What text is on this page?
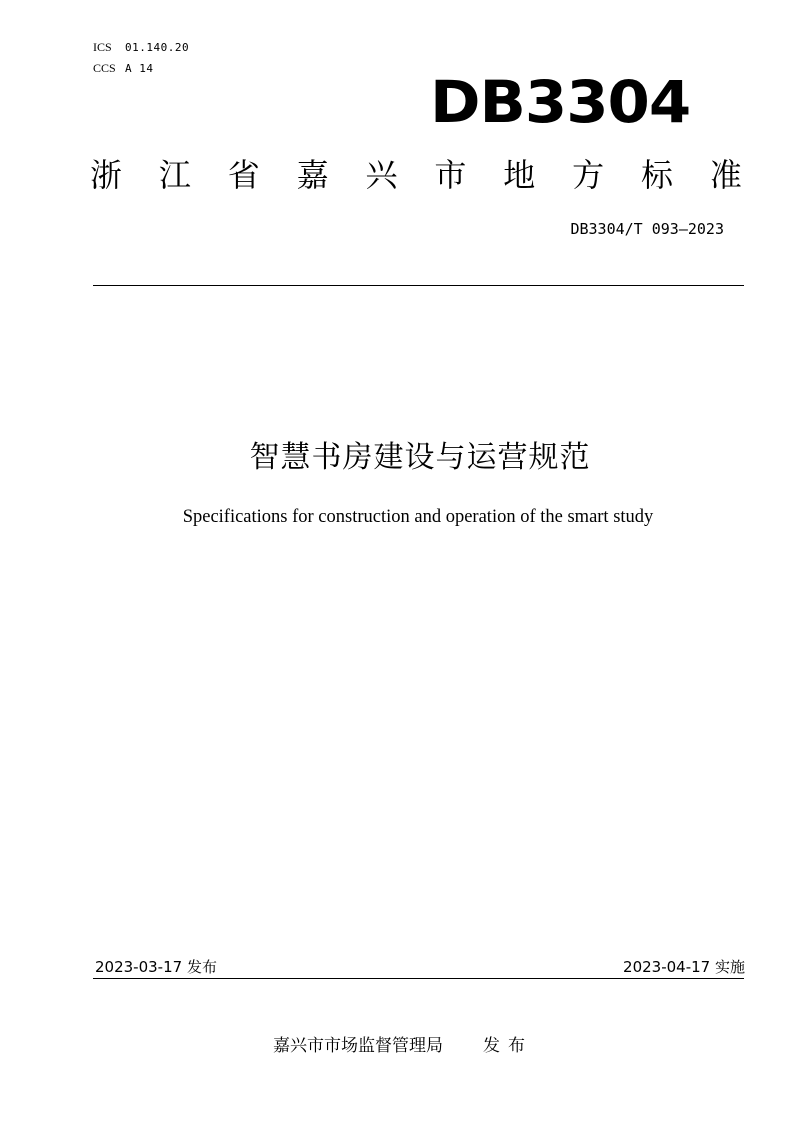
ICS 01.140.20
CCS A 14	DB3304
浙 江 省 嘉 兴 市 地 方 标 准
DB3304/T 093—2023
智慧书房建设与运营规范
Specifications for construction and operation of the smart study
2023-03-17 发布	2023-04-17 实施
嘉兴市市场监督管理局 发布
